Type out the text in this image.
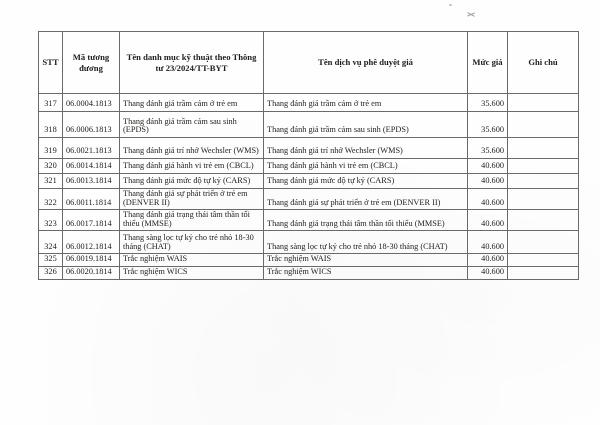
STT	Mã tương đương	Tên danh mục kỹ thuật theo Thông tư 23/2024/TT-BYT	Tên dịch vụ phê duyệt giá	Mức giá	Ghi chú
317	06.0004.1813	Thang đánh giá trầm cảm ở trẻ em	Thang đánh giá trầm cảm ở trẻ em	35.600	
318	06.0006.1813	Thang đánh giá trầm cảm sau sinh (EPDS)	Thang đánh giá trầm cảm sau sinh (EPDS)	35.600	
319	06.0021.1813	Thang đánh giá trí nhớ Wechsler (WMS)	Thang đánh giá trí nhớ Wechsler (WMS)	35.600	
320	06.0014.1814	Thang đánh giá hành vi trẻ em (CBCL)	Thang đánh giá hành vi trẻ em (CBCL)	40.600	
321	06.0013.1814	Thang đánh giá mức độ tự kỷ (CARS)	Thang đánh giá mức độ tự kỷ (CARS)	40.600	
322	06.0011.1814	Thang đánh giá sự phát triển ở trẻ em (DENVER II)	Thang đánh giá sự phát triển ở trẻ em (DENVER II)	40.600	
323	06.0017.1814	Thang đánh giá trạng thái tâm thần tối thiểu (MMSE)	Thang đánh giá trạng thái tâm thần tối thiểu (MMSE)	40.600	
324	06.0012.1814	Thang sàng lọc tự kỷ cho trẻ nhỏ 18-30 tháng (CHAT)	Thang sàng lọc tự kỷ cho trẻ nhỏ 18-30 tháng (CHAT)	40.600	
325	06.0019.1814	Trắc nghiệm WAIS	Trắc nghiệm WAIS	40.600	
326	06.0020.1814	Trắc nghiệm WICS	Trắc nghiệm WICS	40.600	
